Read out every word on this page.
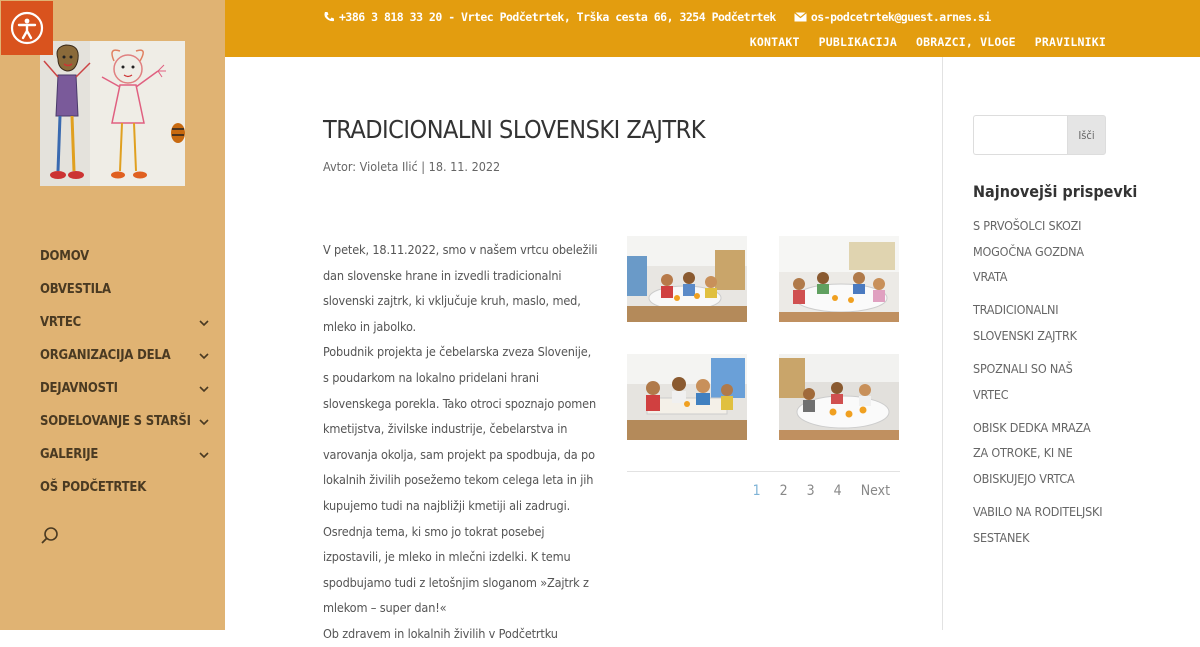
DOMOV
OBVESTILA
VRTEC
ORGANIZACIJA DELA
DEJAVNOSTI
SODELOVANJE S STARŠI
GALERIJE
OŠ PODČETRTEK
+386 3 818 33 20 - Vrtec Podčetrtek, Trška cesta 66, 3254 Podčetrtek	os-podcetrtek@guest.arnes.si
KONTAKT PUBLIKACIJA OBRAZCI, VLOGE PRAVILNIKI
TRADICIONALNI SLOVENSKI ZAJTRK
Avtor: Violeta Ilić | 18. 11. 2022

V petek, 18.11.2022, smo v našem vrtcu obeležili dan slovenske hrane in izvedli tradicionalni slovenski zajtrk, ki vključuje kruh, maslo, med, mleko in jabolko.

Pobudnik projekta je čebelarska zveza Slovenije, s poudarkom na lokalno pridelani hrani slovenskega porekla. Tako otroci spoznajo pomen kmetijstva, živilske industrije, čebelarstva in varovanja okolja, sam projekt pa spodbuja, da po lokalnih živilih posežemo tekom celega leta in jih kupujemo tudi na najbližji kmetiji ali zadrugi.

Osrednja tema, ki smo jo tokrat posebej izpostavili, je mleko in mlečni izdelki. K temu spodbujamo tudi z letošnjim sloganom »Zajtrk z mlekom – super dan!«

Ob zdravem in lokalnih živilih v Podčetrtku

1 2 3 4 Next
Išči
Najnovejši prispevki
S PRVOŠOLCI SKOZI MOGOČNA GOZDNA VRATA
TRADICIONALNI SLOVENSKI ZAJTRK
SPOZNALI SO NAŠ VRTEC
OBISK DEDKA MRAZA ZA OTROKE, KI NE OBISKUJEJO VRTCA
VABILO NA RODITELJSKI SESTANEK
